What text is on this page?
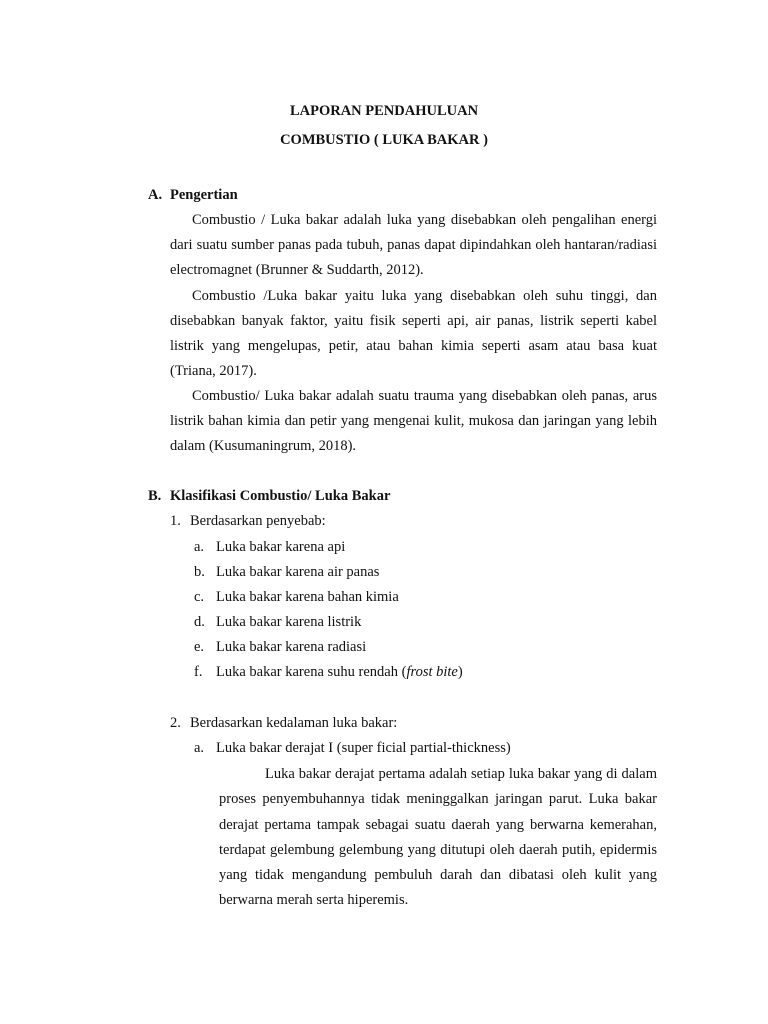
LAPORAN PENDAHULUAN
COMBUSTIO ( LUKA BAKAR )
A. Pengertian

Combustio / Luka bakar adalah luka yang disebabkan oleh pengalihan energi dari suatu sumber panas pada tubuh, panas dapat dipindahkan oleh hantaran/radiasi electromagnet (Brunner & Suddarth, 2012).

Combustio /Luka bakar yaitu luka yang disebabkan oleh suhu tinggi, dan disebabkan banyak faktor, yaitu fisik seperti api, air panas, listrik seperti kabel listrik yang mengelupas, petir, atau bahan kimia seperti asam atau basa kuat (Triana, 2017).

Combustio/ Luka bakar adalah suatu trauma yang disebabkan oleh panas, arus listrik bahan kimia dan petir yang mengenai kulit, mukosa dan jaringan yang lebih dalam (Kusumaningrum, 2018).

B. Klasifikasi Combustio/ Luka Bakar
1. Berdasarkan penyebab:
a. Luka bakar karena api
b. Luka bakar karena air panas
c. Luka bakar karena bahan kimia
d. Luka bakar karena listrik
e. Luka bakar karena radiasi
f. Luka bakar karena suhu rendah (frost bite)
2. Berdasarkan kedalaman luka bakar:
a. Luka bakar derajat I (super ficial partial-thickness)

Luka bakar derajat pertama adalah setiap luka bakar yang di dalam proses penyembuhannya tidak meninggalkan jaringan parut. Luka bakar derajat pertama tampak sebagai suatu daerah yang berwarna kemerahan, terdapat gelembung gelembung yang ditutupi oleh daerah putih, epidermis yang tidak mengandung pembuluh darah dan dibatasi oleh kulit yang berwarna merah serta hiperemis.
